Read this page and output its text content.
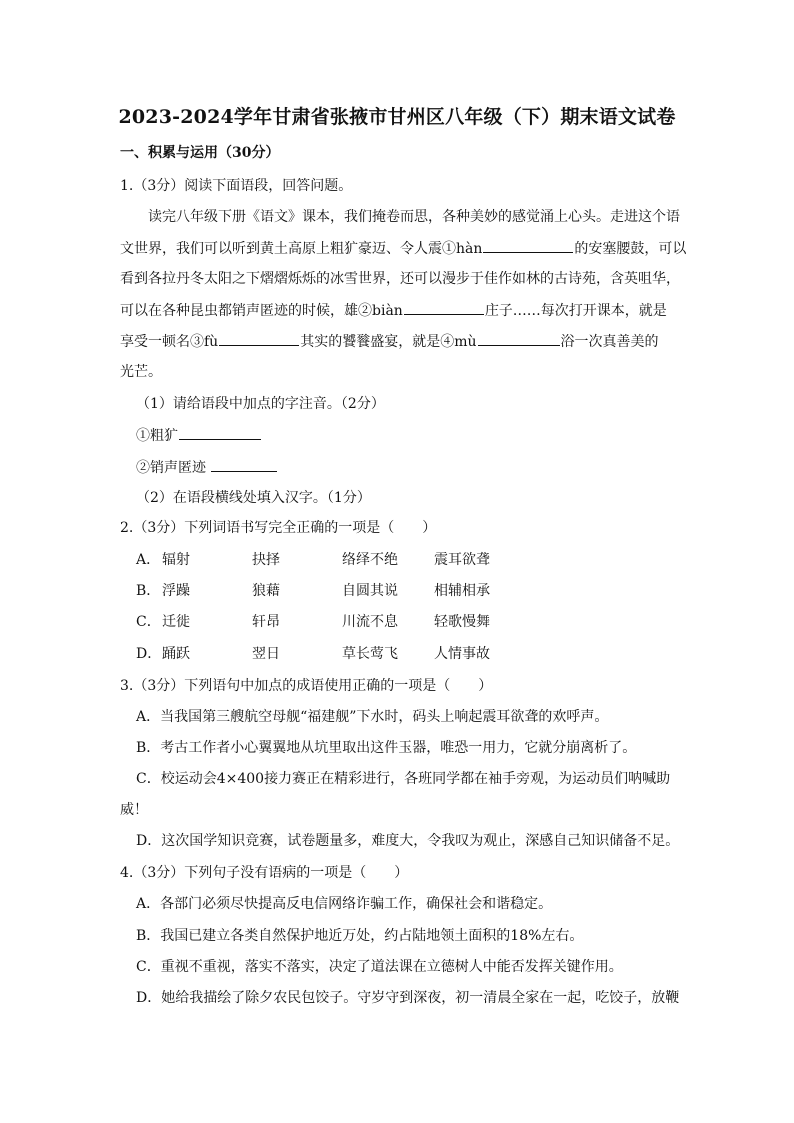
2023-2024学年甘肃省张掖市甘州区八年级（下）期末语文试卷
一、积累与运用（30分）
1.（3分）阅读下面语段，回答问题。
读完八年级下册《语文》课本，我们掩卷而思，各种美妙的感觉涌上心头。走进这个语
文世界，我们可以听到黄土高原上粗犷豪迈、令人震①hàn	的安塞腰鼓，可以
看到各拉丹冬太阳之下熠熠烁烁的冰雪世界，还可以漫步于佳作如林的古诗苑，含英咀华，
可以在各种昆虫都销声匿迹的时候，雄②biàn	庄子……每次打开课本，就是
享受一顿名③fù	其实的饕餮盛宴，就是④mù	浴一次真善美的
光芒。
（1）请给语段中加点的字注音。（2分）
①粗犷
②销声匿迹
（2）在语段横线处填入汉字。（1分）
2.（3分）下列词语书写完全正确的一项是（　　）
A． 辐射	抉择	络绎不绝	震耳欲聋
B． 浮躁	狼藉	自圆其说	相辅相承
C．迁徙	轩昂	川流不息	轻歌慢舞
D．踊跃	翌日	草长莺飞	人情事故
3.（3分）下列语句中加点的成语使用正确的一项是（　　）
A．当我国第三艘航空母舰“福建舰”下水时，码头上响起震耳欲聋的欢呼声。
B．考古工作者小心翼翼地从坑里取出这件玉器，唯恐一用力，它就分崩离析了。
C．校运动会4×400接力赛正在精彩进行，各班同学都在袖手旁观，为运动员们呐喊助
威！
D．这次国学知识竞赛，试卷题量多，难度大，令我叹为观止，深感自己知识储备不足。
4.（3分）下列句子没有语病的一项是（　　）
A．各部门必须尽快提高反电信网络诈骗工作，确保社会和谐稳定。
B．我国已建立各类自然保护地近万处，约占陆地领土面积的18%左右。
C．重视不重视，落实不落实，决定了道法课在立德树人中能否发挥关键作用。
D．她给我描绘了除夕农民包饺子。守岁守到深夜，初一清晨全家在一起，吃饺子，放鞭
